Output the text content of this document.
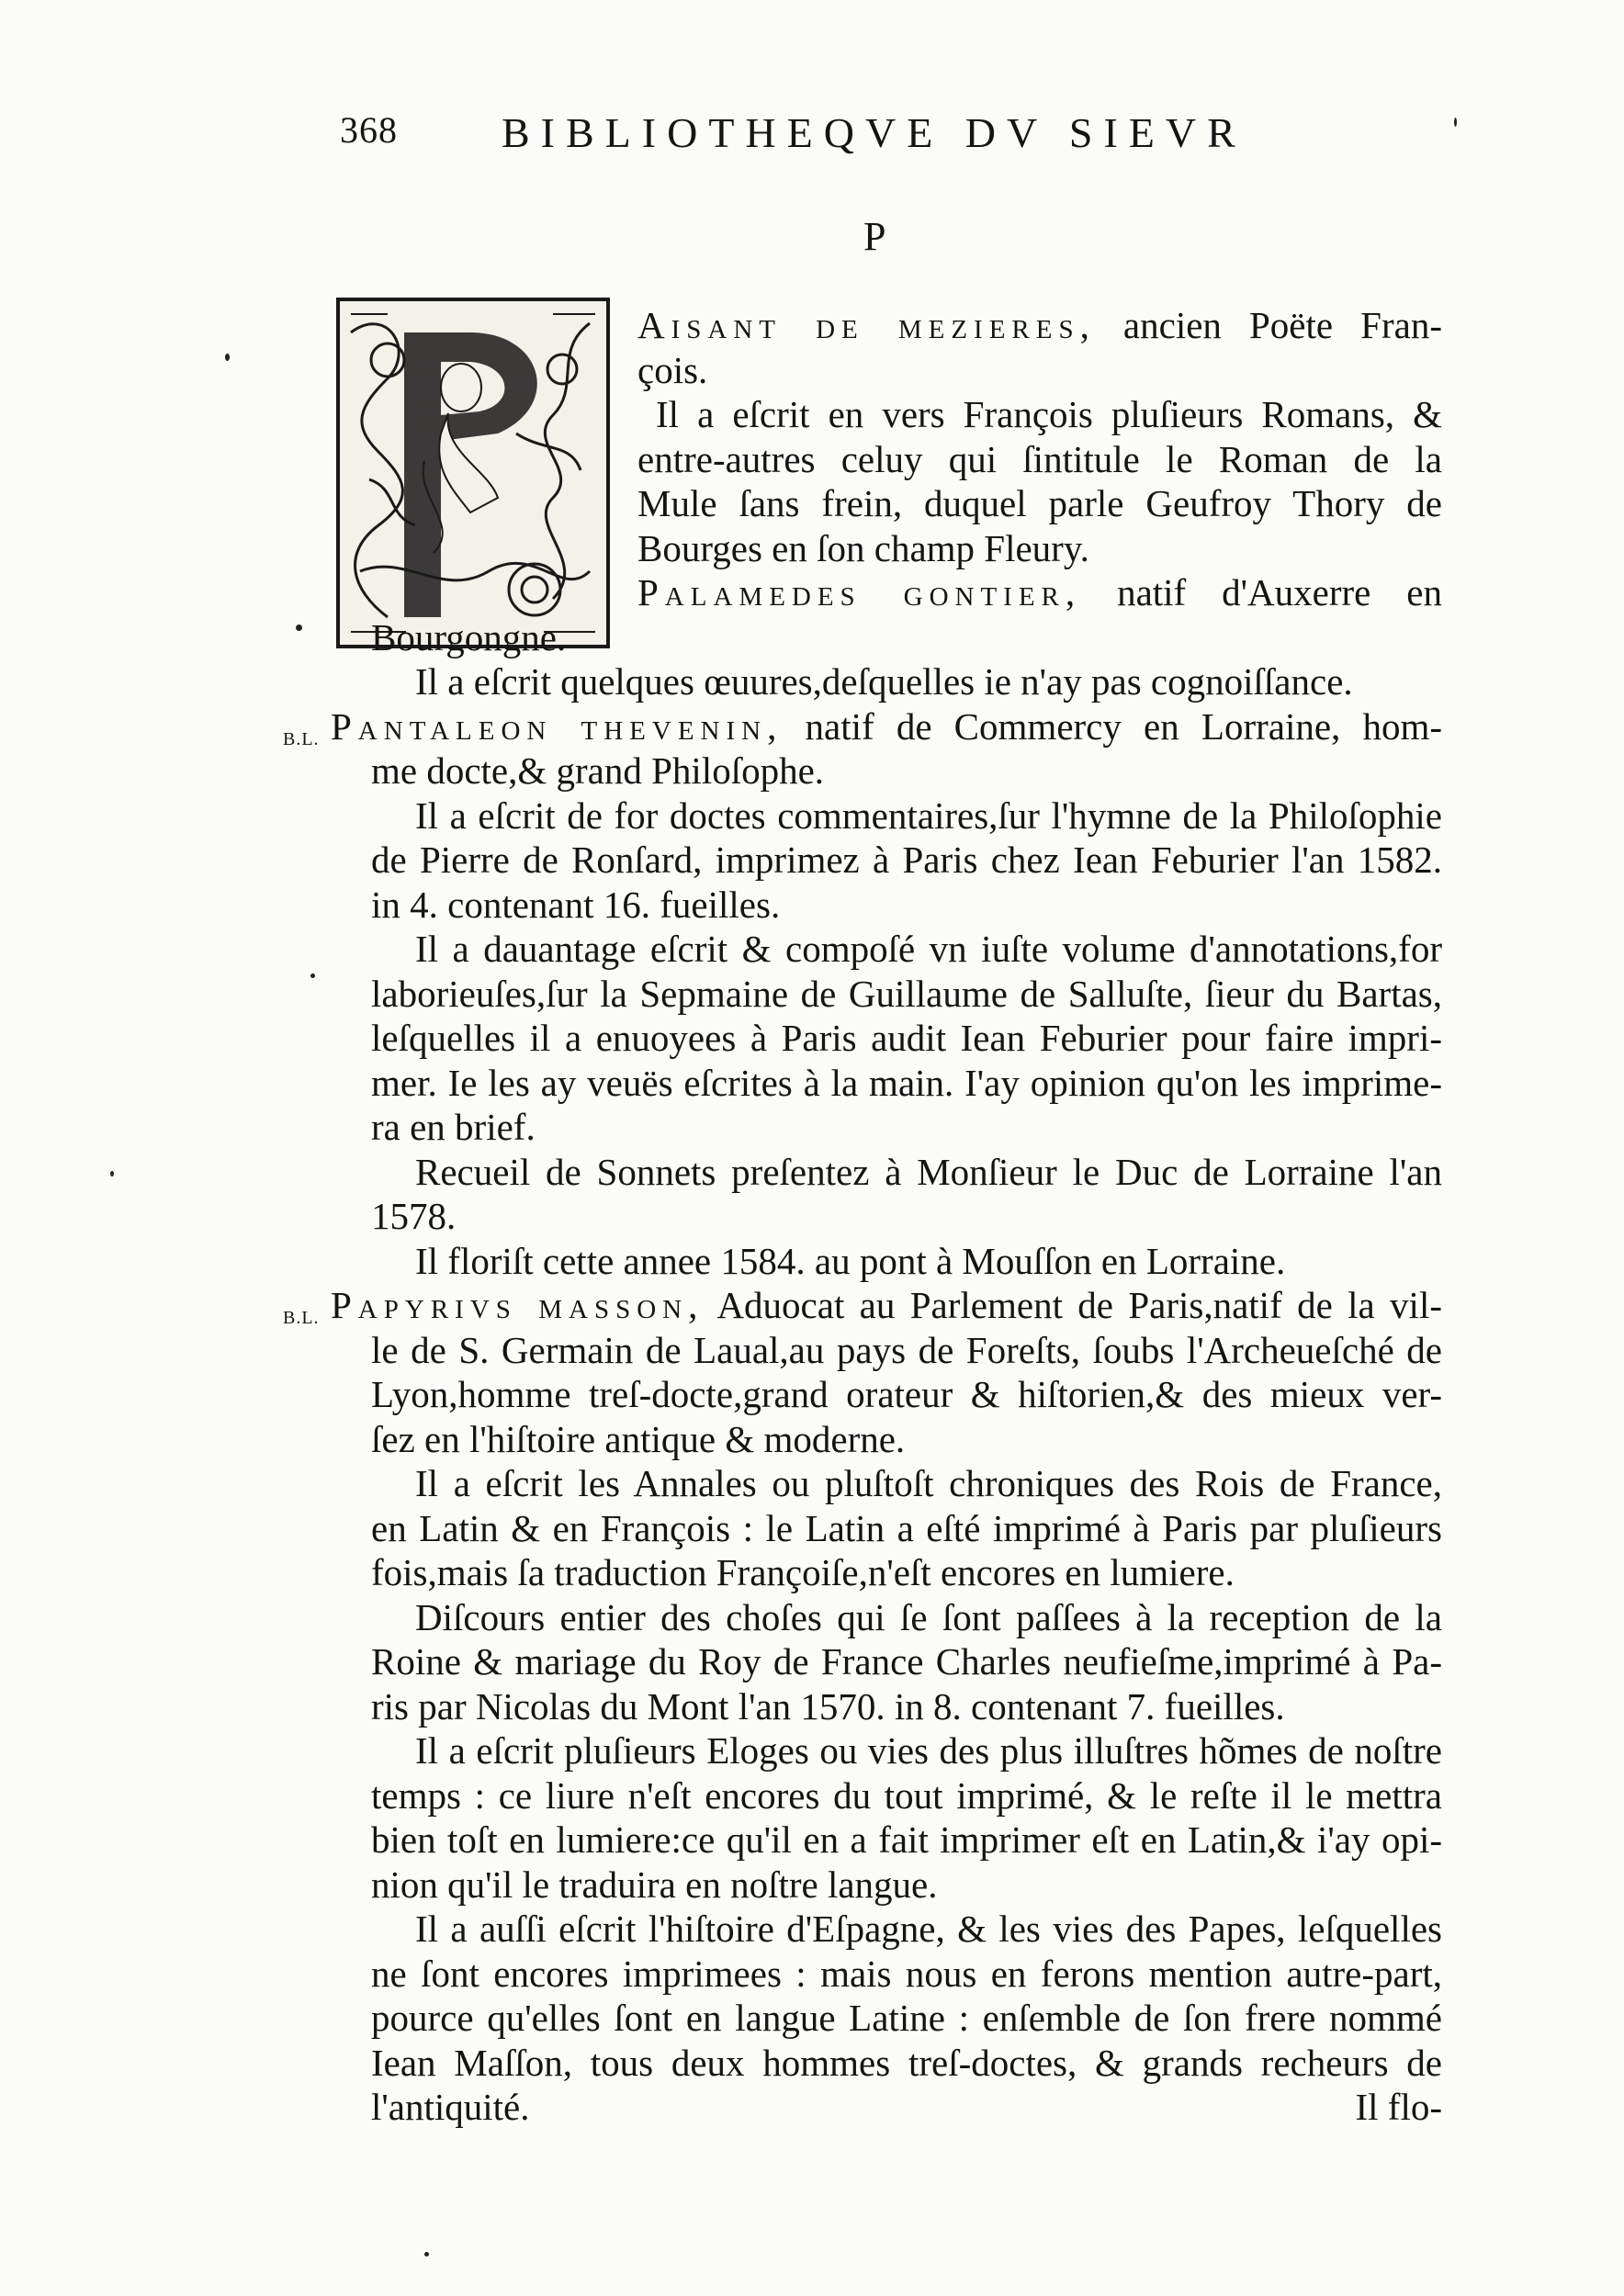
368 BIBLIOTHEQVE DV SIEVR
P
Aisant de mezieres, ancien Poëte Fran-
çois.
Il a eſcrit en vers François pluſieurs Romans, &
entre-autres celuy qui ſintitule le Roman de la
Mule ſans frein, duquel parle Geufroy Thory de
Bourges en ſon champ Fleury.
Palamedes gontier, natif d'Auxerre en
Bourgongne.
Il a eſcrit quelques œuures,deſquelles ie n'ay pas cognoiſſance.
B.L. Pantaleon thevenin, natif de Commercy en Lorraine, hom-
me docte,& grand Philoſophe.
Il a eſcrit de for doctes commentaires,ſur l'hymne de la Philoſophie
de Pierre de Ronſard, imprimez à Paris chez Iean Feburier l'an 1582.
in 4. contenant 16. fueilles.
Il a dauantage eſcrit & compoſé vn iuſte volume d'annotations,for
laborieuſes,ſur la Sepmaine de Guillaume de Salluſte, ſieur du Bartas,
leſquelles il a enuoyees à Paris audit Iean Feburier pour faire impri-
mer. Ie les ay veuës eſcrites à la main. I'ay opinion qu'on les imprime-
ra en brief.
Recueil de Sonnets preſentez à Monſieur le Duc de Lorraine l'an
1578.
Il floriſt cette annee 1584. au pont à Mouſſon en Lorraine.
B.L. Papyrivs masson, Aduocat au Parlement de Paris,natif de la vil-
le de S. Germain de Laual,au pays de Foreſts, ſoubs l'Archeueſché de
Lyon,homme treſ-docte,grand orateur & hiſtorien,& des mieux ver-
ſez en l'hiſtoire antique & moderne.
Il a eſcrit les Annales ou pluſtoſt chroniques des Rois de France,
en Latin & en François : le Latin a eſté imprimé à Paris par pluſieurs
fois,mais ſa traduction Françoiſe,n'eſt encores en lumiere.
Diſcours entier des choſes qui ſe ſont paſſees à la reception de la
Roine & mariage du Roy de France Charles neufieſme,imprimé à Pa-
ris par Nicolas du Mont l'an 1570. in 8. contenant 7. fueilles.
Il a eſcrit pluſieurs Eloges ou vies des plus illuſtres hõmes de noſtre
temps : ce liure n'eſt encores du tout imprimé, & le reſte il le mettra
bien toſt en lumiere:ce qu'il en a fait imprimer eſt en Latin,& i'ay opi-
nion qu'il le traduira en noſtre langue.
Il a auſſi eſcrit l'hiſtoire d'Eſpagne, & les vies des Papes, leſquelles
ne ſont encores imprimees : mais nous en ferons mention autre-part,
pource qu'elles ſont en langue Latine : enſemble de ſon frere nommé
Iean Maſſon, tous deux hommes treſ-doctes, & grands recheurs de
l'antiquité.	Il flo-
